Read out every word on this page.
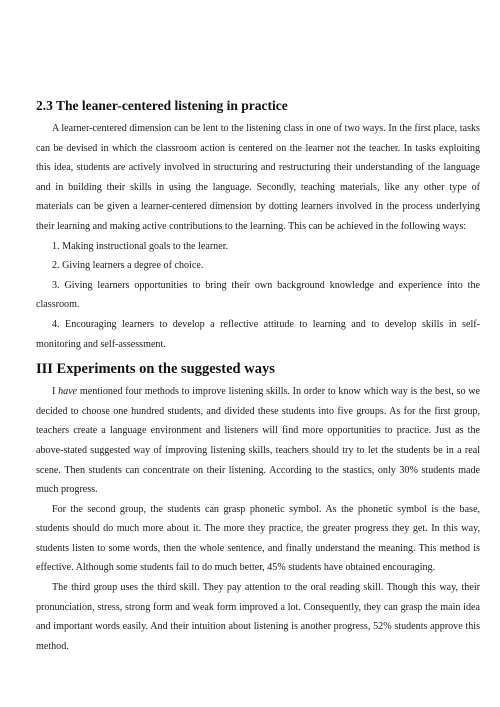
2.3 The leaner-centered listening in practice

A learner-centered dimension can be lent to the listening class in one of two ways. In the first place, tasks can be devised in which the classroom action is centered on the learner not the teacher. In tasks exploiting this idea, students are actively involved in structuring and restructuring their understanding of the language and in building their skills in using the language. Secondly, teaching materials, like any other type of materials can be given a learner-centered dimension by dotting learners involved in the process underlying their learning and making active contributions to the learning. This can be achieved in the following ways:

1. Making instructional goals to the learner.

2. Giving learners a degree of choice.

3. Giving learners opportunities to bring their own background knowledge and experience into the classroom.

4. Encouraging learners to develop a reflective attitude to learning and to develop skills in self-monitoring and self-assessment.

III Experiments on the suggested ways

I have mentioned four methods to improve listening skills. In order to know which way is the best, so we decided to choose one hundred students, and divided these students into five groups. As for the first group, teachers create a language environment and listeners will find more opportunities to practice. Just as the above-stated suggested way of improving listening skills, teachers should try to let the students be in a real scene. Then students can concentrate on their listening. According to the stastics, only 30% students made much progress.

For the second group, the students can grasp phonetic symbol. As the phonetic symbol is the base, students should do much more about it. The more they practice, the greater progress they get. In this way, students listen to some words, then the whole sentence, and finally understand the meaning. This method is effective. Although some students fail to do much better, 45% students have obtained encouraging.

The third group uses the third skill. They pay attention to the oral reading skill. Though this way, their pronunciation, stress, strong form and weak form improved a lot. Consequently, they can grasp the main idea and important words easily. And their intuition about listening is another progress, 52% students approve this method.
